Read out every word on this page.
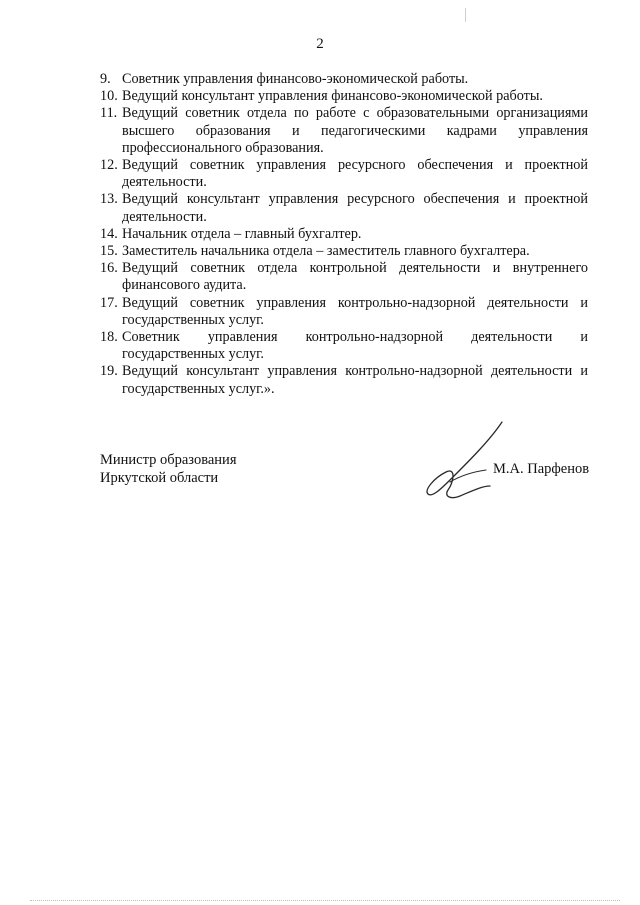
2
9. Советник управления финансово-экономической работы.
10. Ведущий консультант управления финансово-экономической работы.
11. Ведущий советник отдела по работе с образовательными организациями высшего образования и педагогическими кадрами управления профессионального образования.
12. Ведущий советник управления ресурсного обеспечения и проектной деятельности.
13. Ведущий консультант управления ресурсного обеспечения и проектной деятельности.
14. Начальник отдела – главный бухгалтер.
15. Заместитель начальника отдела – заместитель главного бухгалтера.
16. Ведущий советник отдела контрольной деятельности и внутреннего финансового аудита.
17. Ведущий советник управления контрольно-надзорной деятельности и государственных услуг.
18. Советник управления контрольно-надзорной деятельности и государственных услуг.
19. Ведущий консультант управления контрольно-надзорной деятельности и государственных услуг.».
Министр образования
Иркутской области
М.А. Парфенов
